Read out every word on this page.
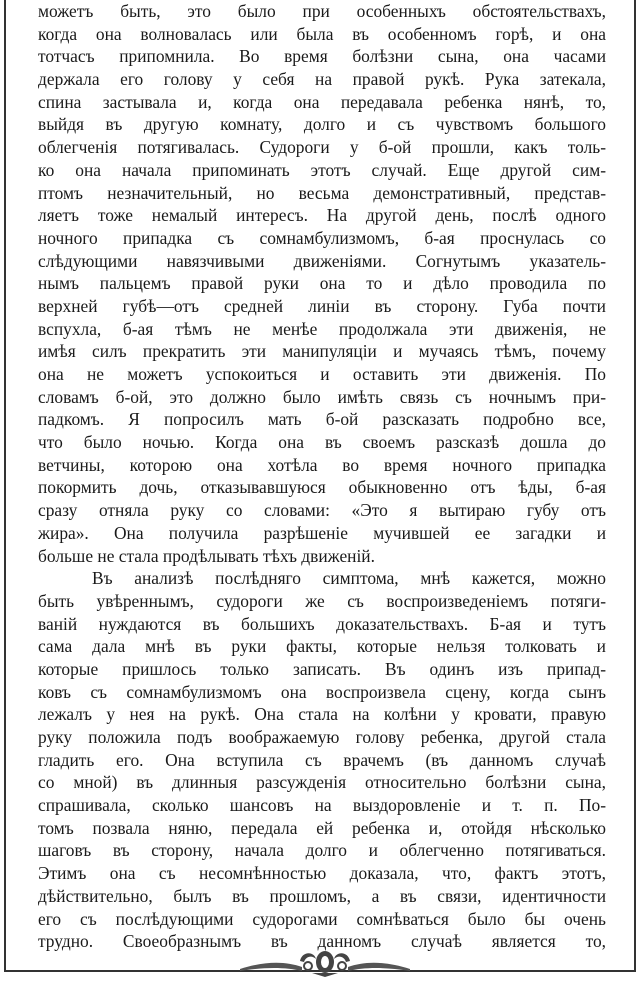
можетъ быть, это было при особенныхъ обстоятельствахъ,
когда она волновалась или была въ особенномъ горѣ, и она
тотчасъ припомнила. Во время болѣзни сына, она часами
держала его голову у себя на правой рукѣ. Рука затекала,
спина застывала и, когда она передавала ребенка нянѣ, то,
выйдя въ другую комнату, долго и съ чувствомъ большого
облегченія потягивалась. Судороги у б-ой прошли, какъ толь-
ко она начала припоминать этотъ случай. Еще другой сим-
птомъ незначительный, но весьма демонстративный, представ-
ляетъ тоже немалый интересъ. На другой день, послѣ одного
ночного припадка съ сомнамбулизмомъ, б-ая проснулась со
слѣдующими навязчивыми движеніями. Согнутымъ указатель-
нымъ пальцемъ правой руки она то и дѣло проводила по
верхней губѣ—отъ средней линіи въ сторону. Губа почти
вспухла, б-ая тѣмъ не менѣе продолжала эти движенія, не
имѣя силъ прекратить эти манипуляціи и мучаясь тѣмъ, почему
она не можетъ успокоиться и оставить эти движенія. По
словамъ б-ой, это должно было имѣть связь съ ночнымъ при-
падкомъ. Я попросилъ мать б-ой разсказать подробно все,
что было ночью. Когда она въ своемъ разсказѣ дошла до
ветчины, которою она хотѣла во время ночного припадка
покормить дочь, отказывавшуюся обыкновенно отъ ѣды, б-ая
сразу отняла руку со словами: «Это я вытираю губу отъ
жира». Она получила разрѣшеніе мучившей ее загадки и
больше не стала продѣлывать тѣхъ движеній.
Въ анализѣ послѣдняго симптома, мнѣ кажется, можно
быть увѣреннымъ, судороги же съ воспроизведеніемъ потяги-
ваній нуждаются въ большихъ доказательствахъ. Б-ая и тутъ
сама дала мнѣ въ руки факты, которые нельзя толковать и
которые пришлось только записать. Въ одинъ изъ припад-
ковъ съ сомнамбулизмомъ она воспроизвела сцену, когда сынъ
лежалъ у нея на рукѣ. Она стала на колѣни у кровати, правую
руку положила подъ воображаемую голову ребенка, другой стала
гладить его. Она вступила съ врачемъ (въ данномъ случаѣ
со мной) въ длинныя разсужденія относительно болѣзни сына,
спрашивала, сколько шансовъ на выздоровленіе и т. п. По-
томъ позвала няню, передала ей ребенка и, отойдя нѣсколько
шаговъ въ сторону, начала долго и облегченно потягиваться.
Этимъ она съ несомнѣнностью доказала, что, фактъ этотъ,
дѣйствительно, былъ въ прошломъ, а въ связи, идентичности
его съ послѣдующими судорогами сомнѣваться было бы очень
трудно. Своеобразнымъ въ данномъ случаѣ является то,
